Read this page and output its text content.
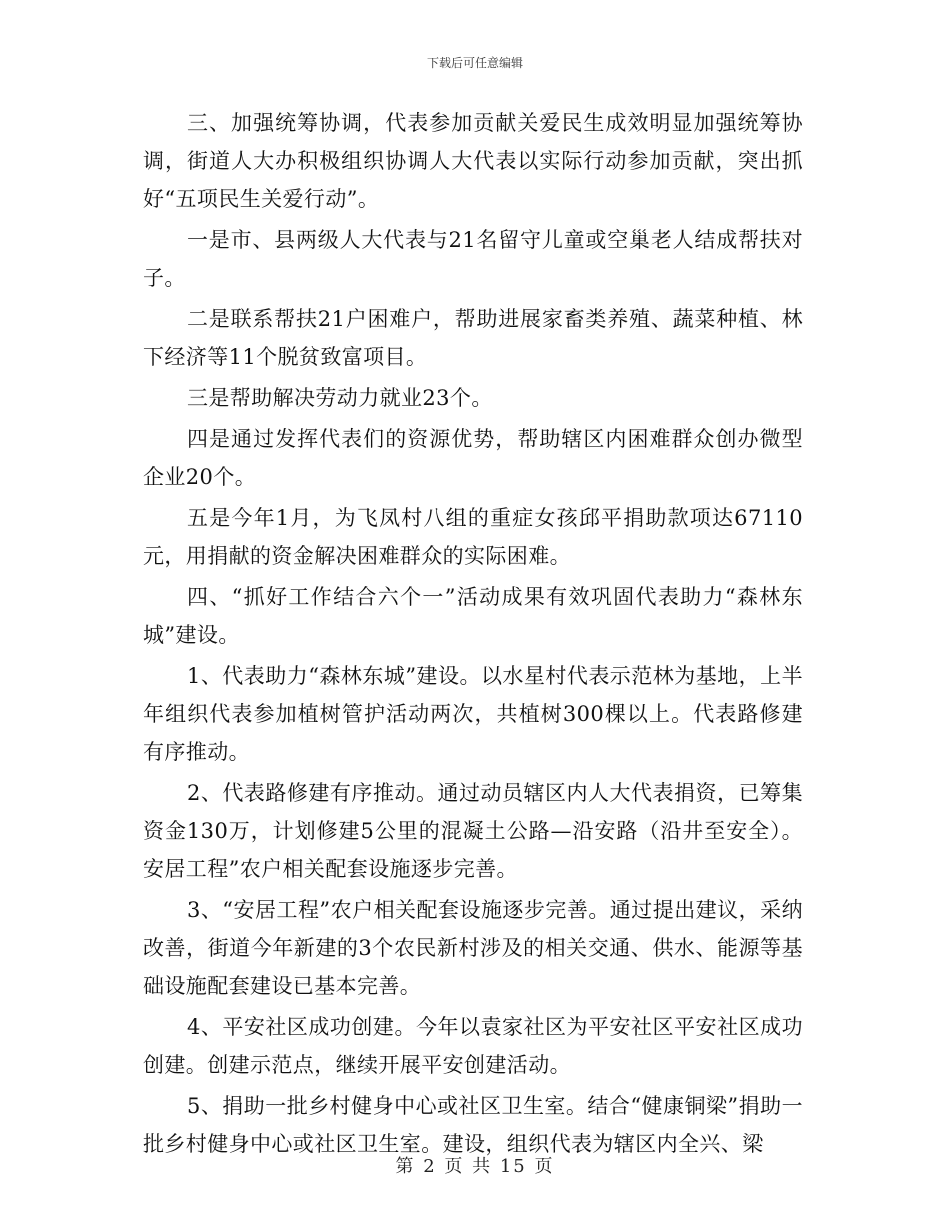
下载后可任意编辑

三、加强统筹协调，代表参加贡献关爱民生成效明显加强统筹协调，街道人大办积极组织协调人大代表以实际行动参加贡献，突出抓好“五项民生关爱行动”。

一是市、县两级人大代表与21名留守儿童或空巢老人结成帮扶对子。

二是联系帮扶21户困难户，帮助进展家畜类养殖、蔬菜种植、林下经济等11个脱贫致富项目。

三是帮助解决劳动力就业23个。

四是通过发挥代表们的资源优势，帮助辖区内困难群众创办微型企业20个。

五是今年1月，为飞凤村八组的重症女孩邱平捐助款项达67110元，用捐献的资金解决困难群众的实际困难。

四、“抓好工作结合六个一”活动成果有效巩固代表助力“森林东城”建设。

1、代表助力“森林东城”建设。以水星村代表示范林为基地，上半年组织代表参加植树管护活动两次，共植树300棵以上。代表路修建有序推动。

2、代表路修建有序推动。通过动员辖区内人大代表捐资，已筹集资金130万，计划修建5公里的混凝土公路—沿安路（沿井至安全）。安居工程”农户相关配套设施逐步完善。

3、“安居工程”农户相关配套设施逐步完善。通过提出建议，采纳改善，街道今年新建的3个农民新村涉及的相关交通、供水、能源等基础设施配套建设已基本完善。

4、平安社区成功创建。今年以袁家社区为平安社区平安社区成功创建。创建示范点，继续开展平安创建活动。

5、捐助一批乡村健身中心或社区卫生室。结合“健康铜梁”捐助一批乡村健身中心或社区卫生室。建设，组织代表为辖区内全兴、梁

第 2 页 共 15 页
